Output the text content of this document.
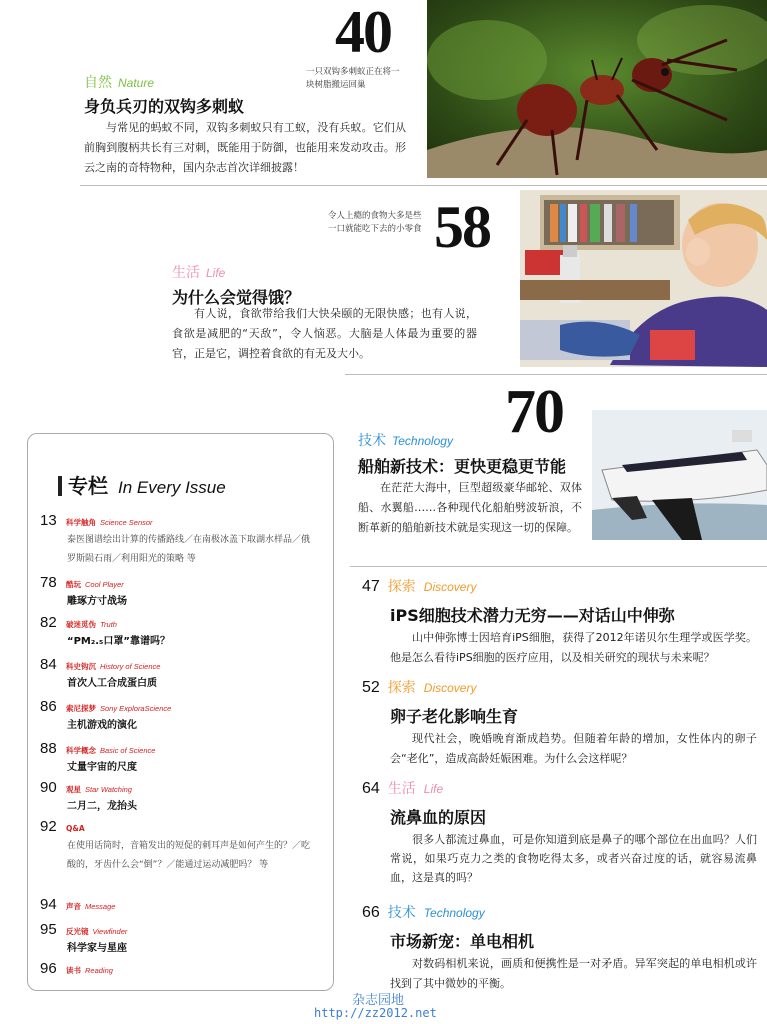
40
一只双钩多刺蚁正在将一块树脂搬运回巢
自然 Nature
身负兵刃的双钩多刺蚁
与常见的蚂蚁不同，双钩多刺蚁只有工蚁，没有兵蚁。它们从前胸到腹柄共长有三对刺，既能用于防御，也能用来发动攻击。形云之南的奇特物种，国内杂志首次详细披露！
令人上瘾的食物大多是些一口就能吃下去的小零食 58
生活 Life
为什么会觉得饿？
有人说，食欲带给我们大快朵颐的无限快感；也有人说，食欲是减肥的“天敌”，令人恼恶。大脑是人体最为重要的器官，正是它，调控着食欲的有无及大小。
70
技术 Technology
船舶新技术：更快更稳更节能
在茫茫大海中，巨型超级豪华邮轮、双体船、水翼船……各种现代化船舶劈波斩浪，不断革新的船舶新技术就是实现这一切的保障。
专栏 In Every Issue
13 科学触角 Science Sensor
泰医图谱绘出计算的传播路线／在南极冰盖下取湖水样品／俄罗斯陨石雨／利用阳光的策略 等
78 酷玩 Cool Player
雕琢方寸战场
82 破迷觅伪 Truth
“PM₂.₅口罩”靠谱吗？
84 科史钩沉 History of Science
首次人工合成蛋白质
86 索尼探梦 Sony ExploraScience
主机游戏的演化
88 科学概念 Basic of Science
丈量宇宙的尺度
90 观星 Star Watching
二月二，龙抬头
92 Q&A
在使用话筒时，音箱发出的短促的刺耳声是如何产生的？／吃酸的，牙齿什么会“倒”？／能通过运动减肥吗？ 等
94 声音 Message
95 反光镜 Viewfinder
科学家与星座
96 读书 Reading
47 探索 Discovery
iPS细胞技术潜力无穷——对话山中伸弥
山中伸弥博士因培育iPS细胞，获得了2012年诺贝尔生理学或医学奖。他是怎么看待iPS细胞的医疗应用，以及相关研究的现状与未来呢？
52 探索 Discovery
卵子老化影响生育
现代社会，晚婚晚育渐成趋势。但随着年龄的增加，女性体内的卵子会“老化”，造成高龄妊娠困难。为什么会这样呢？
64 生活 Life
流鼻血的原因
很多人都流过鼻血，可是你知道到底是鼻子的哪个部位在出血吗？人们常说，如果巧克力之类的食物吃得太多，或者兴奋过度的话，就容易流鼻血，这是真的吗？
66 技术 Technology
市场新宠：单电相机
对数码相机来说，画质和便携性是一对矛盾。异军突起的单电相机或许找到了其中微妙的平衡。
杂志园地
http://zz2012.net
